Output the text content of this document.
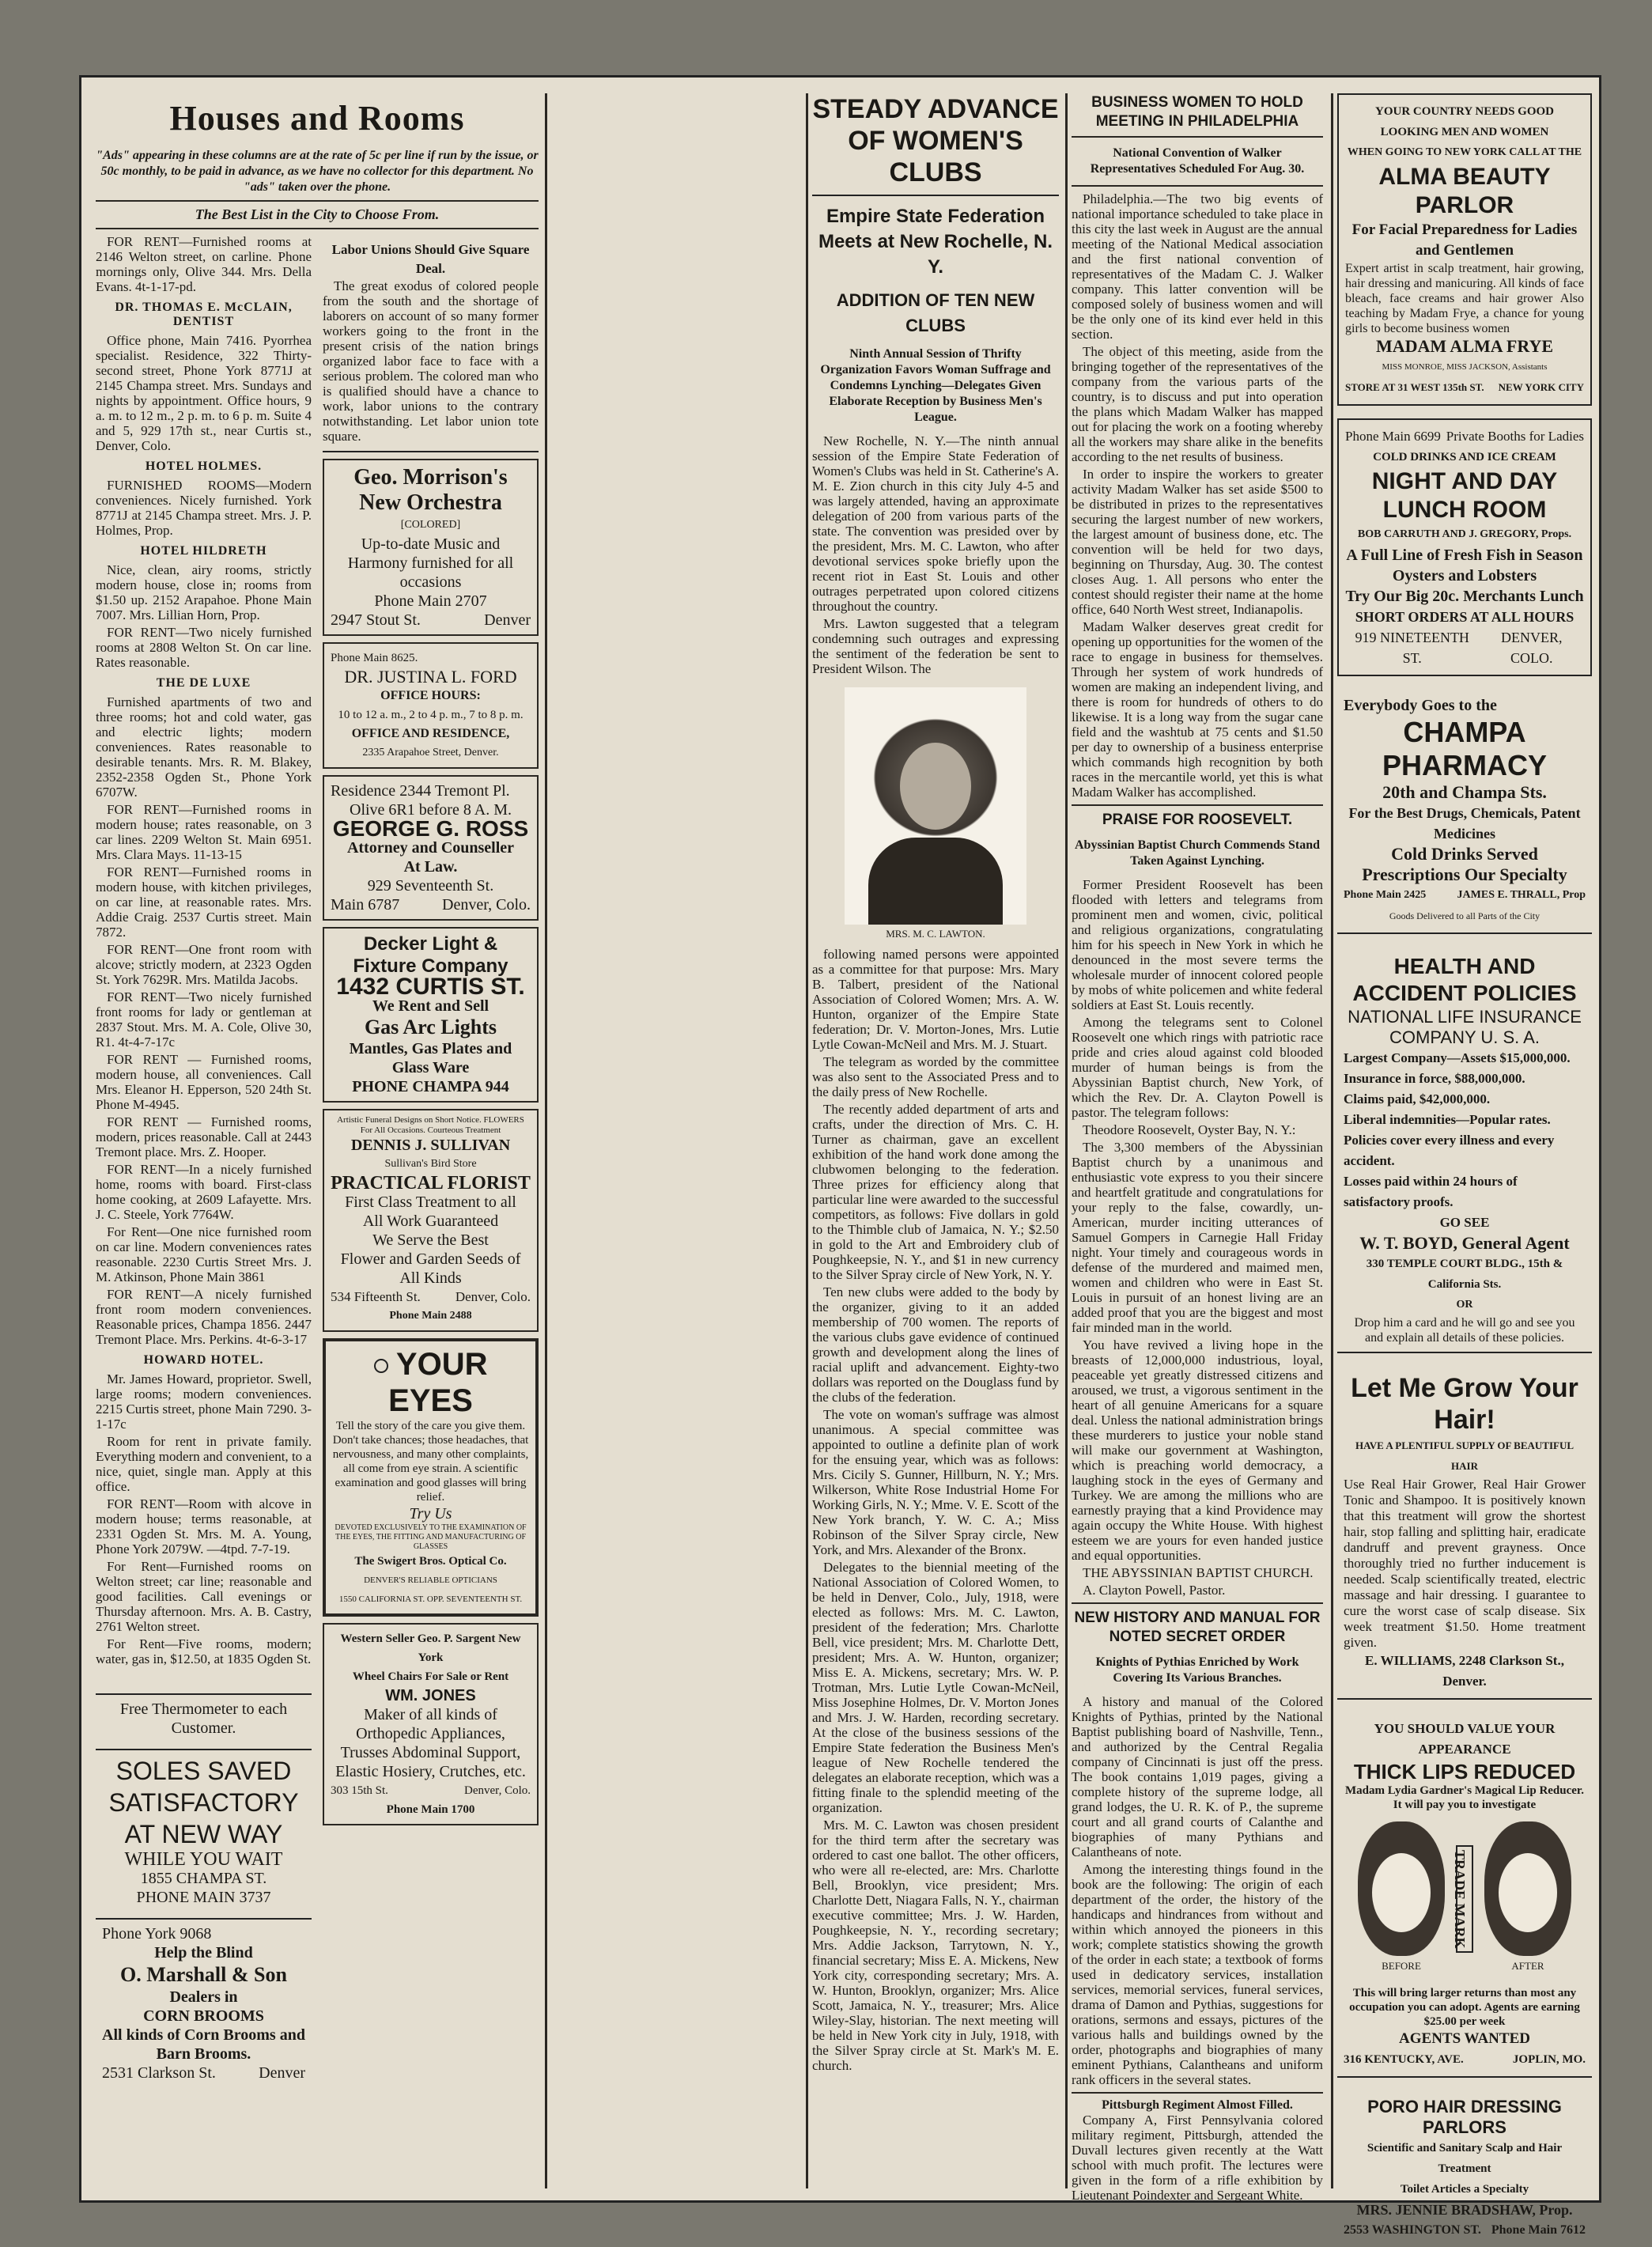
Houses and Rooms
"Ads" appearing in these columns are at the rate of 5c per line if run by the issue, or 50c monthly, to be paid in advance, as we have no collector for this department. No "ads" taken over the phone.
The Best List in the City to Choose From.

FOR RENT—Furnished rooms at 2146 Welton street, on carline. Phone mornings only, Olive 344. Mrs. Della Evans. 4t-1-17-pd.

DR. THOMAS E. McCLAIN, DENTIST

Office phone, Main 7416. Pyorrhea specialist. Residence, 322 Thirty-second street, Phone York 8771J at 2145 Champa street. Mrs. Sundays and nights by appointment. Office hours, 9 a. m. to 12 m., 2 p. m. to 6 p. m. Suite 4 and 5, 929 17th st., near Curtis st., Denver, Colo.

HOTEL HOLMES.

FURNISHED ROOMS—Modern conveniences. Nicely furnished. York 8771J at 2145 Champa street. Mrs. J. P. Holmes, Prop.

HOTEL HILDRETH

Nice, clean, airy rooms, strictly modern house, close in; rooms from $1.50 up. 2152 Arapahoe. Phone Main 7007. Mrs. Lillian Horn, Prop.

FOR RENT—Two nicely furnished rooms at 2808 Welton St. On car line. Rates reasonable.

THE DE LUXE

Furnished apartments of two and three rooms; hot and cold water, gas and electric lights; modern conveniences. Rates reasonable to desirable tenants. Mrs. R. M. Blakey, 2352-2358 Ogden St., Phone York 6707W.

FOR RENT—Furnished rooms in modern house; rates reasonable, on 3 car lines. 2209 Welton St. Main 6951. Mrs. Clara Mays. 11-13-15

FOR RENT—Furnished rooms in modern house, with kitchen privileges, on car line, at reasonable rates. Mrs. Addie Craig. 2537 Curtis street. Main 7872.

FOR RENT—One front room with alcove; strictly modern, at 2323 Ogden St. York 7629R. Mrs. Matilda Jacobs.

FOR RENT—Two nicely furnished front rooms for lady or gentleman at 2837 Stout. Mrs. M. A. Cole, Olive 30, R1. 4t-4-7-17c

FOR RENT — Furnished rooms, modern house, all conveniences. Call Mrs. Eleanor H. Epperson, 520 24th St. Phone M-4945.

FOR RENT — Furnished rooms, modern, prices reasonable. Call at 2443 Tremont place. Mrs. Z. Hooper.

FOR RENT—In a nicely furnished home, rooms with board. First-class home cooking, at 2609 Lafayette. Mrs. J. C. Steele, York 7764W.

For Rent—One nice furnished room on car line. Modern conveniences rates reasonable. 2230 Curtis Street Mrs. J. M. Atkinson, Phone Main 3861

FOR RENT—A nicely furnished front room modern conveniences. Reasonable prices, Champa 1856. 2447 Tremont Place. Mrs. Perkins. 4t-6-3-17

HOWARD HOTEL.

Mr. James Howard, proprietor. Swell, large rooms; modern conveniences. 2215 Curtis street, phone Main 7290. 3-1-17c

Room for rent in private family. Everything modern and convenient, to a nice, quiet, single man. Apply at this office.

FOR RENT—Room with alcove in modern house; terms reasonable, at 2331 Ogden St. Mrs. M. A. Young, Phone York 2079W. —4tpd. 7-7-19.

For Rent—Furnished rooms on Welton street; car line; reasonable and good facilities. Call evenings or Thursday afternoon. Mrs. A. B. Castry, 2761 Welton street.

For Rent—Five rooms, modern; water, gas in, $12.50, at 1835 Ogden St.

Labor Unions Should Give Square Deal.

The great exodus of colored people from the south and the shortage of laborers on account of so many former workers going to the front in the present crisis of the nation brings organized labor face to face with a serious problem. The colored man who is qualified should have a chance to work, labor unions to the contrary notwithstanding. Let labor union tote square.

Geo. Morrison's
New Orchestra
[COLORED]
Up-to-date Music and Harmony furnished for all occasions
Phone Main 2707
2947 Stout St.	Denver
Phone Main 8625.
DR. JUSTINA L. FORD
OFFICE HOURS:
10 to 12 a. m., 2 to 4 p. m., 7 to 8 p. m.
OFFICE AND RESIDENCE,
2335 Arapahoe Street, Denver.
Residence 2344 Tremont Pl.
Olive 6R1 before 8 A. M.
GEORGE G. ROSS
Attorney and Counseller
At Law.
929 Seventeenth St.
Main 6787	Denver, Colo.
Decker Light & Fixture Company
1432 CURTIS ST.
We Rent and Sell
Gas Arc Lights
Mantles, Gas Plates and Glass Ware
PHONE CHAMPA 944
Artistic Funeral Designs on Short Notice. FLOWERS For All Occasions. Courteous Treatment
DENNIS J. SULLIVAN
Sullivan's Bird Store
PRACTICAL FLORIST
First Class Treatment to all
All Work Guaranteed
We Serve the Best
Flower and Garden Seeds of All Kinds
534 Fifteenth St.	Denver, Colo.
Phone Main 2488
YOUR EYES
Tell the story of the care you give them. Don't take chances; those headaches, that nervousness, and many other complaints, all come from eye strain. A scientific examination and good glasses will bring relief.
Try Us
DEVOTED EXCLUSIVELY TO THE EXAMINATION OF THE EYES, THE FITTING AND MANUFACTURING OF GLASSES
The Swigert Bros. Optical Co.
DENVER'S RELIABLE OPTICIANS
1550 CALIFORNIA ST. OPP. SEVENTEENTH ST.
Western Seller Geo. P. Sargent New York
Wheel Chairs For Sale or Rent
WM. JONES
Maker of all kinds of Orthopedic Appliances, Trusses Abdominal Support, Elastic Hosiery, Crutches, etc.
303 15th St.	Denver, Colo.
Phone Main 1700
Free Thermometer to each Customer.
SOLES SAVED
SATISFACTORY
AT NEW WAY
WHILE YOU WAIT
1855 CHAMPA ST.
PHONE MAIN 3737
Phone York 9068
Help the Blind
O. Marshall & Son
Dealers in
CORN BROOMS
All kinds of Corn Brooms and Barn Brooms.
2531 Clarkson St.	Denver
STEADY ADVANCE OF WOMEN'S CLUBS
Empire State Federation Meets at New Rochelle, N. Y.
ADDITION OF TEN NEW CLUBS
Ninth Annual Session of Thrifty Organization Favors Woman Suffrage and Condemns Lynching—Delegates Given Elaborate Reception by Business Men's League.

New Rochelle, N. Y.—The ninth annual session of the Empire State Federation of Women's Clubs was held in St. Catherine's A. M. E. Zion church in this city July 4-5 and was largely attended, having an approximate delegation of 200 from various parts of the state. The convention was presided over by the president, Mrs. M. C. Lawton, who after devotional services spoke briefly upon the recent riot in East St. Louis and other outrages perpetrated upon colored citizens throughout the country.

Mrs. Lawton suggested that a telegram condemning such outrages and expressing the sentiment of the federation be sent to President Wilson. The

MRS. M. C. LAWTON.

following named persons were appointed as a committee for that purpose: Mrs. Mary B. Talbert, president of the National Association of Colored Women; Mrs. A. W. Hunton, organizer of the Empire State federation; Dr. V. Morton-Jones, Mrs. Lutie Lytle Cowan-McNeil and Mrs. M. J. Stuart.

The telegram as worded by the committee was also sent to the Associated Press and to the daily press of New Rochelle.

The recently added department of arts and crafts, under the direction of Mrs. C. H. Turner as chairman, gave an excellent exhibition of the hand work done among the clubwomen belonging to the federation. Three prizes for efficiency along that particular line were awarded to the successful competitors, as follows: Five dollars in gold to the Thimble club of Jamaica, N. Y.; $2.50 in gold to the Art and Embroidery club of Poughkeepsie, N. Y., and $1 in new currency to the Silver Spray circle of New York, N. Y.

Ten new clubs were added to the body by the organizer, giving to it an added membership of 700 women. The reports of the various clubs gave evidence of continued growth and development along the lines of racial uplift and advancement. Eighty-two dollars was reported on the Douglass fund by the clubs of the federation.

The vote on woman's suffrage was almost unanimous. A special committee was appointed to outline a definite plan of work for the ensuing year, which was as follows: Mrs. Cicily S. Gunner, Hillburn, N. Y.; Mrs. Wilkerson, White Rose Industrial Home For Working Girls, N. Y.; Mme. V. E. Scott of the New York branch, Y. W. C. A.; Miss Robinson of the Silver Spray circle, New York, and Mrs. Alexander of the Bronx.

Delegates to the biennial meeting of the National Association of Colored Women, to be held in Denver, Colo., July, 1918, were elected as follows: Mrs. M. C. Lawton, president of the federation; Mrs. Charlotte Bell, vice president; Mrs. M. Charlotte Dett, president; Mrs. A. W. Hunton, organizer; Miss E. A. Mickens, secretary; Mrs. W. P. Trotman, Mrs. Lutie Lytle Cowan-McNeil, Miss Josephine Holmes, Dr. V. Morton Jones and Mrs. J. W. Harden, recording secretary. At the close of the business sessions of the Empire State federation the Business Men's league of New Rochelle tendered the delegates an elaborate reception, which was a fitting finale to the splendid meeting of the organization.

Mrs. M. C. Lawton was chosen president for the third term after the secretary was ordered to cast one ballot. The other officers, who were all re-elected, are: Mrs. Charlotte Bell, Brooklyn, vice president; Mrs. Charlotte Dett, Niagara Falls, N. Y., chairman executive committee; Mrs. J. W. Harden, Poughkeepsie, N. Y., recording secretary; Mrs. Addie Jackson, Tarrytown, N. Y., financial secretary; Miss E. A. Mickens, New York city, corresponding secretary; Mrs. A. W. Hunton, Brooklyn, organizer; Mrs. Alice Scott, Jamaica, N. Y., treasurer; Mrs. Alice Wiley-Slay, historian. The next meeting will be held in New York city in July, 1918, with the Silver Spray circle at St. Mark's M. E. church.

BUSINESS WOMEN TO HOLD MEETING IN PHILADELPHIA
National Convention of Walker Representatives Scheduled For Aug. 30.

Philadelphia.—The two big events of national importance scheduled to take place in this city the last week in August are the annual meeting of the National Medical association and the first national convention of representatives of the Madam C. J. Walker company. This latter convention will be composed solely of business women and will be the only one of its kind ever held in this section.

The object of this meeting, aside from the bringing together of the representatives of the company from the various parts of the country, is to discuss and put into operation the plans which Madam Walker has mapped out for placing the work on a footing whereby all the workers may share alike in the benefits according to the net results of business.

In order to inspire the workers to greater activity Madam Walker has set aside $500 to be distributed in prizes to the representatives securing the largest number of new workers, the largest amount of business done, etc. The convention will be held for two days, beginning on Thursday, Aug. 30. The contest closes Aug. 1. All persons who enter the contest should register their name at the home office, 640 North West street, Indianapolis.

Madam Walker deserves great credit for opening up opportunities for the women of the race to engage in business for themselves. Through her system of work hundreds of women are making an independent living, and there is room for hundreds of others to do likewise. It is a long way from the sugar cane field and the washtub at 75 cents and $1.50 per day to ownership of a business enterprise which commands high recognition by both races in the mercantile world, yet this is what Madam Walker has accomplished.

PRAISE FOR ROOSEVELT.
Abyssinian Baptist Church Commends Stand Taken Against Lynching.

Former President Roosevelt has been flooded with letters and telegrams from prominent men and women, civic, political and religious organizations, congratulating him for his speech in New York in which he denounced in the most severe terms the wholesale murder of innocent colored people by mobs of white policemen and white federal soldiers at East St. Louis recently.

Among the telegrams sent to Colonel Roosevelt one which rings with patriotic race pride and cries aloud against cold blooded murder of human beings is from the Abyssinian Baptist church, New York, of which the Rev. Dr. A. Clayton Powell is pastor. The telegram follows:

Theodore Roosevelt, Oyster Bay, N. Y.:

The 3,300 members of the Abyssinian Baptist church by a unanimous and enthusiastic vote express to you their sincere and heartfelt gratitude and congratulations for your reply to the false, cowardly, un-American, murder inciting utterances of Samuel Gompers in Carnegie Hall Friday night. Your timely and courageous words in defense of the murdered and maimed men, women and children who were in East St. Louis in pursuit of an honest living are an added proof that you are the biggest and most fair minded man in the world.

You have revived a living hope in the breasts of 12,000,000 industrious, loyal, peaceable yet greatly distressed citizens and aroused, we trust, a vigorous sentiment in the heart of all genuine Americans for a square deal. Unless the national administration brings these murderers to justice your noble stand will make our government at Washington, which is preaching world democracy, a laughing stock in the eyes of Germany and Turkey. We are among the millions who are earnestly praying that a kind Providence may again occupy the White House. With highest esteem we are yours for even handed justice and equal opportunities.

THE ABYSSINIAN BAPTIST CHURCH.

A. Clayton Powell, Pastor.

NEW HISTORY AND MANUAL FOR NOTED SECRET ORDER
Knights of Pythias Enriched by Work Covering Its Various Branches.

A history and manual of the Colored Knights of Pythias, printed by the National Baptist publishing board of Nashville, Tenn., and authorized by the Central Regalia company of Cincinnati is just off the press. The book contains 1,019 pages, giving a complete history of the supreme lodge, all grand lodges, the U. R. K. of P., the supreme court and all grand courts of Calanthe and biographies of many Pythians and Calantheans of note.

Among the interesting things found in the book are the following: The origin of each department of the order, the history of the handicaps and hindrances from without and within which annoyed the pioneers in this work; complete statistics showing the growth of the order in each state; a textbook of forms used in dedicatory services, installation services, memorial services, funeral services, drama of Damon and Pythias, suggestions for orations, sermons and essays, pictures of the various halls and buildings owned by the order, photographs and biographies of many eminent Pythians, Calantheans and uniform rank officers in the several states.

Pittsburgh Regiment Almost Filled.

Company A, First Pennsylvania colored military regiment, Pittsburgh, attended the Duvall lectures given recently at the Watt school with much profit. The lectures were given in the form of a rifle exhibition by Lieutenant Poindexter and Sergeant White.

YOUR COUNTRY NEEDS GOOD LOOKING MEN AND WOMEN
WHEN GOING TO NEW YORK CALL AT THE
ALMA BEAUTY PARLOR
For Facial Preparedness for Ladies and Gentlemen
Expert artist in scalp treatment, hair growing, hair dressing and manicuring. All kinds of face bleach, face creams and hair grower Also teaching by Madam Frye, a chance for young girls to become business women
MADAM ALMA FRYE
MISS MONROE, MISS JACKSON, Assistants
STORE AT 31 WEST 135th ST. NEW YORK CITY
Phone Main 6699 Private Booths for Ladies
COLD DRINKS AND ICE CREAM
NIGHT AND DAY LUNCH ROOM
BOB CARRUTH AND J. GREGORY, Props.
A Full Line of Fresh Fish in Season
Oysters and Lobsters
Try Our Big 20c. Merchants Lunch
SHORT ORDERS AT ALL HOURS
919 NINETEENTH ST.
DENVER, COLO.
Everybody Goes to the
CHAMPA PHARMACY
20th and Champa Sts.
For the Best Drugs, Chemicals, Patent Medicines
Cold Drinks Served
Prescriptions Our Specialty
Phone Main 2425	JAMES E. THRALL, Prop
Goods Delivered to all Parts of the City
HEALTH AND ACCIDENT POLICIES
NATIONAL LIFE INSURANCE COMPANY U. S. A.
Largest Company—Assets $15,000,000.
Insurance in force, $88,000,000.
Claims paid, $42,000,000.
Liberal indemnities—Popular rates.
Policies cover every illness and every accident.
Losses paid within 24 hours of satisfactory proofs.
GO SEE
W. T. BOYD, General Agent
330 TEMPLE COURT BLDG., 15th & California Sts.
OR
Drop him a card and he will go and see you and explain all details of these policies.
Let Me Grow Your Hair!
HAVE A PLENTIFUL SUPPLY OF BEAUTIFUL HAIR
Use Real Hair Grower, Real Hair Grower Tonic and Shampoo. It is positively known that this treatment will grow the shortest hair, stop falling and splitting hair, eradicate dandruff and prevent grayness. Once thoroughly tried no further inducement is needed. Scalp scientifically treated, electric massage and hair dressing. I guarantee to cure the worst case of scalp disease. Six week treatment $1.50. Home treatment given.
E. WILLIAMS, 2248 Clarkson St., Denver.
YOU SHOULD VALUE YOUR APPEARANCE
THICK LIPS REDUCED
Madam Lydia Gardner's Magical Lip Reducer. It will pay you to investigate
BEFORE
TRADE MARK
AFTER
This will bring larger returns than most any occupation you can adopt. Agents are earning $25.00 per week
AGENTS WANTED
316 KENTUCKY, AVE.	JOPLIN, MO.
PORO HAIR DRESSING PARLORS
Scientific and Sanitary Scalp and Hair Treatment
Toilet Articles a Specialty
MRS. JENNIE BRADSHAW, Prop.
2553 WASHINGTON ST. Phone Main 7612
